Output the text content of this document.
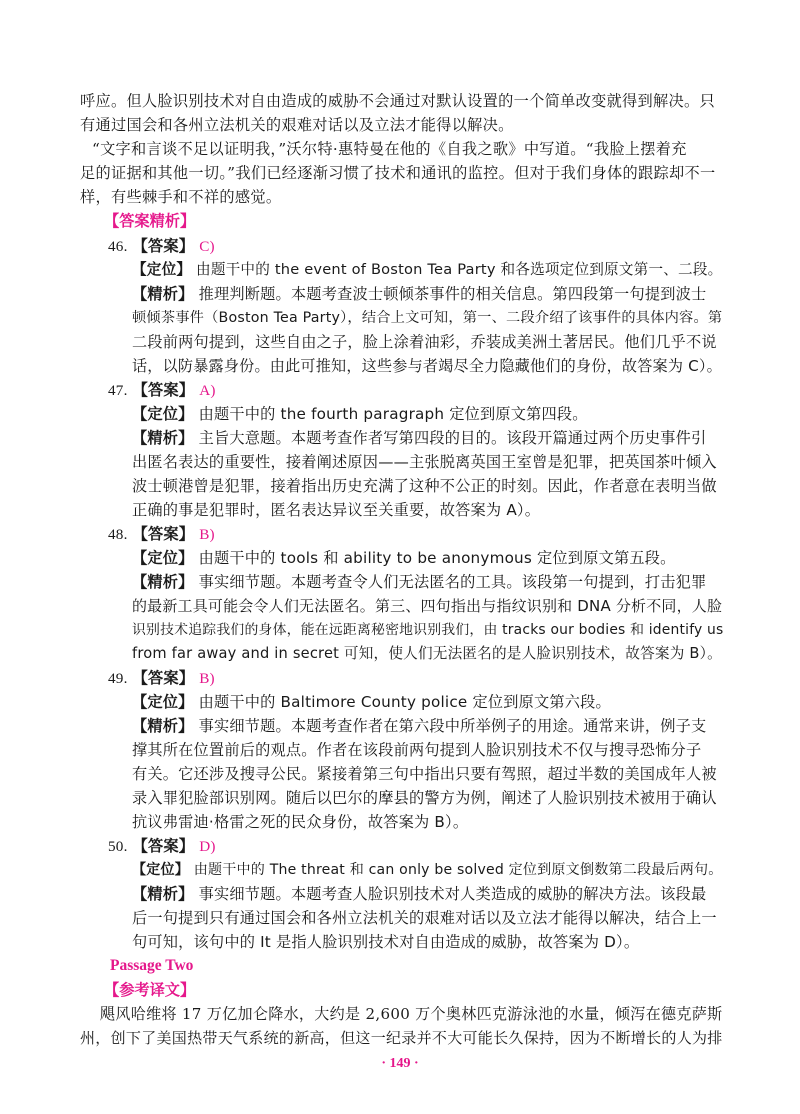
呼应。但人脸识别技术对自由造成的威胁不会通过对默认设置的一个简单改变就得到解决。只
有通过国会和各州立法机关的艰难对话以及立法才能得以解决。
“文字和言谈不足以证明我，”沃尔特·惠特曼在他的《自我之歌》中写道。“我脸上摆着充
足的证据和其他一切。”我们已经逐渐习惯了技术和通讯的监控。但对于我们身体的跟踪却不一
样，有些棘手和不祥的感觉。
【答案精析】
46. 【答案】 C)
【定位】 由题干中的 the event of Boston Tea Party 和各选项定位到原文第一、二段。
【精析】 推理判断题。本题考查波士顿倾茶事件的相关信息。第四段第一句提到波士
顿倾茶事件（Boston Tea Party），结合上文可知，第一、二段介绍了该事件的具体内容。第
二段前两句提到，这些自由之子，脸上涂着油彩，乔装成美洲土著居民。他们几乎不说
话，以防暴露身份。由此可推知，这些参与者竭尽全力隐藏他们的身份，故答案为 C）。
47. 【答案】 A)
【定位】 由题干中的 the fourth paragraph 定位到原文第四段。
【精析】 主旨大意题。本题考查作者写第四段的目的。该段开篇通过两个历史事件引
出匿名表达的重要性，接着阐述原因——主张脱离英国王室曾是犯罪，把英国茶叶倾入
波士顿港曾是犯罪，接着指出历史充满了这种不公正的时刻。因此，作者意在表明当做
正确的事是犯罪时，匿名表达异议至关重要，故答案为 A）。
48. 【答案】 B)
【定位】 由题干中的 tools 和 ability to be anonymous 定位到原文第五段。
【精析】 事实细节题。本题考查令人们无法匿名的工具。该段第一句提到，打击犯罪
的最新工具可能会令人们无法匿名。第三、四句指出与指纹识别和 DNA 分析不同，人脸
识别技术追踪我们的身体，能在远距离秘密地识别我们，由 tracks our bodies 和 identify us
from far away and in secret 可知，使人们无法匿名的是人脸识别技术，故答案为 B）。
49. 【答案】 B)
【定位】 由题干中的 Baltimore County police 定位到原文第六段。
【精析】 事实细节题。本题考查作者在第六段中所举例子的用途。通常来讲，例子支
撑其所在位置前后的观点。作者在该段前两句提到人脸识别技术不仅与搜寻恐怖分子
有关。它还涉及搜寻公民。紧接着第三句中指出只要有驾照，超过半数的美国成年人被
录入罪犯脸部识别网。随后以巴尔的摩县的警方为例，阐述了人脸识别技术被用于确认
抗议弗雷迪·格雷之死的民众身份，故答案为 B）。
50. 【答案】 D)
【定位】 由题干中的 The threat 和 can only be solved 定位到原文倒数第二段最后两句。
【精析】 事实细节题。本题考查人脸识别技术对人类造成的威胁的解决方法。该段最
后一句提到只有通过国会和各州立法机关的艰难对话以及立法才能得以解决，结合上一
句可知，该句中的 It 是指人脸识别技术对自由造成的威胁，故答案为 D）。
Passage Two
【参考译文】
飓风哈维将 17 万亿加仑降水，大约是 2,600 万个奥林匹克游泳池的水量，倾泻在德克萨斯
州，创下了美国热带天气系统的新高，但这一纪录并不大可能长久保持，因为不断增长的人为排
· 149 ·
